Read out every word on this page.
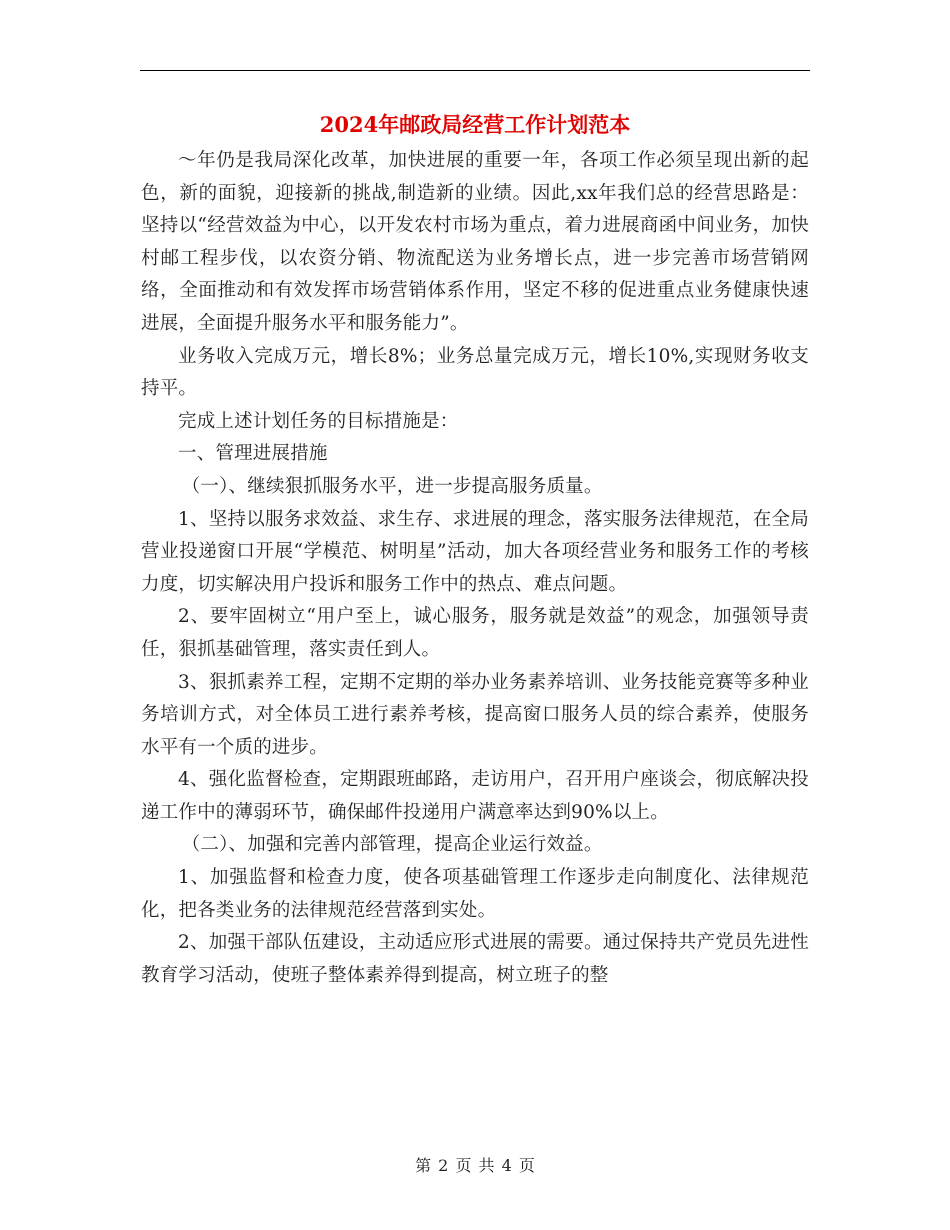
2024年邮政局经营工作计划范本

～年仍是我局深化改革，加快进展的重要一年，各项工作必须呈现出新的起色，新的面貌，迎接新的挑战,制造新的业绩。因此,xx年我们总的经营思路是：坚持以“经营效益为中心，以开发农村市场为重点，着力进展商函中间业务，加快村邮工程步伐，以农资分销、物流配送为业务增长点，进一步完善市场营销网络，全面推动和有效发挥市场营销体系作用，坚定不移的促进重点业务健康快速进展，全面提升服务水平和服务能力”。

业务收入完成万元，增长8%；业务总量完成万元，增长10%,实现财务收支持平。

完成上述计划任务的目标措施是：

一、管理进展措施

（一）、继续狠抓服务水平，进一步提高服务质量。

1、坚持以服务求效益、求生存、求进展的理念，落实服务法律规范，在全局营业投递窗口开展“学模范、树明星”活动，加大各项经营业务和服务工作的考核力度，切实解决用户投诉和服务工作中的热点、难点问题。

2、要牢固树立“用户至上，诚心服务，服务就是效益”的观念，加强领导责任，狠抓基础管理，落实责任到人。

3、狠抓素养工程，定期不定期的举办业务素养培训、业务技能竞赛等多种业务培训方式，对全体员工进行素养考核，提高窗口服务人员的综合素养，使服务水平有一个质的进步。

4、强化监督检查，定期跟班邮路，走访用户，召开用户座谈会，彻底解决投递工作中的薄弱环节，确保邮件投递用户满意率达到90%以上。

（二）、加强和完善内部管理，提高企业运行效益。

1、加强监督和检查力度，使各项基础管理工作逐步走向制度化、法律规范化，把各类业务的法律规范经营落到实处。

2、加强干部队伍建设，主动适应形式进展的需要。通过保持共产党员先进性教育学习活动，使班子整体素养得到提高，树立班子的整

第 2 页 共 4 页
